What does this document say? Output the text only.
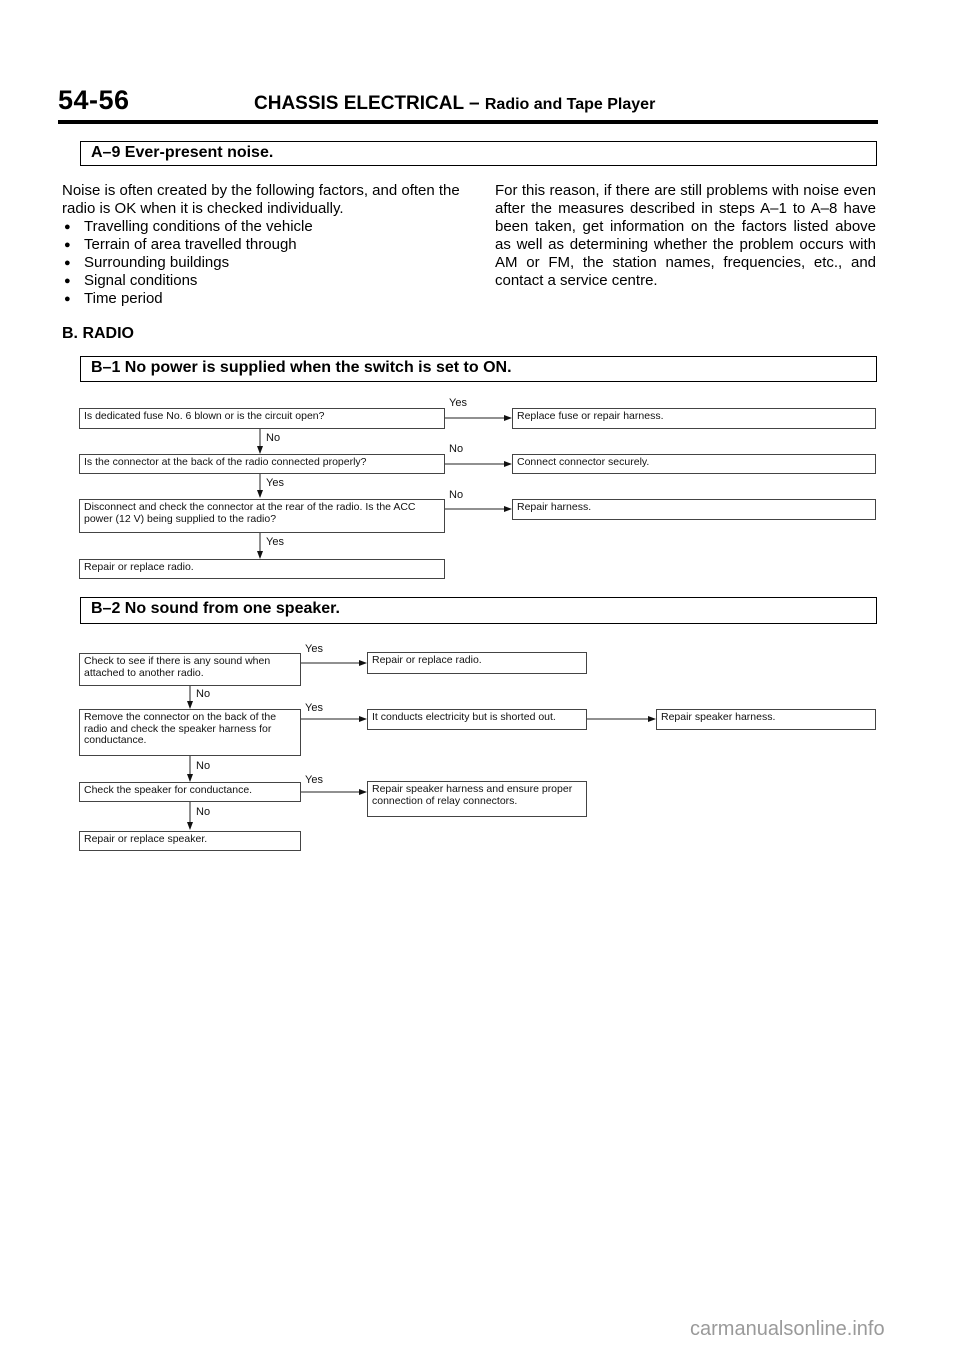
54-56	CHASSIS ELECTRICAL – Radio and Tape Player
A–9 Ever-present noise.
Noise is often created by the following factors, and often the radio is OK when it is checked individually.
● Travelling conditions of the vehicle
● Terrain of area travelled through
● Surrounding buildings
● Signal conditions
● Time period
For this reason, if there are still problems with noise even after the measures described in steps A–1 to A–8 have been taken, get information on the factors listed above as well as determining whether the problem occurs with AM or FM, the station names, frequencies, etc., and contact a service centre.
B. RADIO
B–1 No power is supplied when the switch is set to ON.
Is dedicated fuse No. 6 blown or is the circuit open?
Yes
Replace fuse or repair harness.
No
Is the connector at the back of the radio connected properly?
No
Connect connector securely.
Yes
Disconnect and check the connector at the rear of the radio. Is the ACC power (12 V) being supplied to the radio?
No
Repair harness.
Yes
Repair or replace radio.
B–2 No sound from one speaker.
Check to see if there is any sound when attached to another radio.
Yes
Repair or replace radio.
No
Remove the connector on the back of the radio and check the speaker harness for conductance.
Yes
It conducts electricity but is shorted out.	Repair speaker harness.
No
Check the speaker for conductance.
Yes
Repair speaker harness and ensure proper connection of relay connectors.
No
Repair or replace speaker.
carmanualsonline.info
